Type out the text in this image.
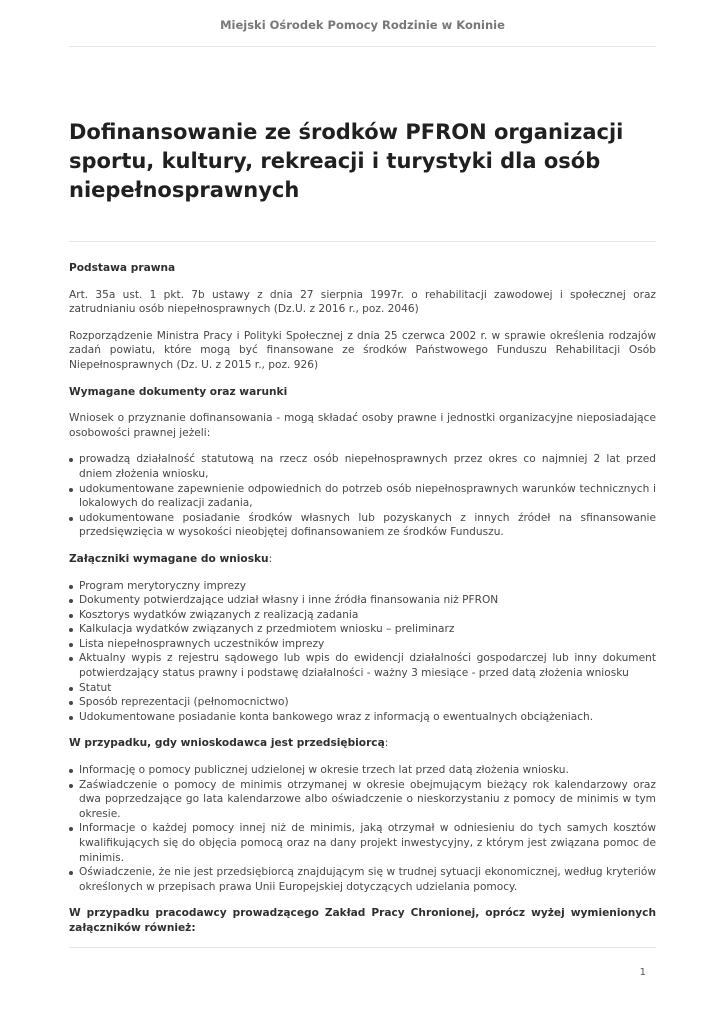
Miejski Ośrodek Pomocy Rodzinie w Koninie
Dofinansowanie ze środków PFRON organizacji sportu, kultury, rekreacji i turystyki dla osób niepełnosprawnych

Podstawa prawna

Art. 35a ust. 1 pkt. 7b ustawy z dnia 27 sierpnia 1997r. o rehabilitacji zawodowej i społecznej oraz zatrudnianiu osób niepełnosprawnych (Dz.U. z 2016 r., poz. 2046)

Rozporządzenie Ministra Pracy i Polityki Społecznej z dnia 25 czerwca 2002 r. w sprawie określenia rodzajów zadań powiatu, które mogą być finansowane ze środków Państwowego Funduszu Rehabilitacji Osób Niepełnosprawnych (Dz. U. z 2015 r., poz. 926)

Wymagane dokumenty oraz warunki

Wniosek o przyznanie dofinansowania - mogą składać osoby prawne i jednostki organizacyjne nieposiadające osobowości prawnej jeżeli:

prowadzą działalność statutową na rzecz osób niepełnosprawnych przez okres co najmniej 2 lat przed dniem złożenia wniosku,
udokumentowane zapewnienie odpowiednich do potrzeb osób niepełnosprawnych warunków technicznych i lokalowych do realizacji zadania,
udokumentowane posiadanie środków własnych lub pozyskanych z innych źródeł na sfinansowanie przedsięwzięcia w wysokości nieobjętej dofinansowaniem ze środków Funduszu.

Załączniki wymagane do wniosku:

Program merytoryczny imprezy
Dokumenty potwierdzające udział własny i inne źródła finansowania niż PFRON
Kosztorys wydatków związanych z realizacją zadania
Kalkulacja wydatków związanych z przedmiotem wniosku – preliminarz
Lista niepełnosprawnych uczestników imprezy
Aktualny wypis z rejestru sądowego lub wpis do ewidencji działalności gospodarczej lub inny dokument potwierdzający status prawny i podstawę działalności - ważny 3 miesiące - przed datą złożenia wniosku
Statut
Sposób reprezentacji (pełnomocnictwo)
Udokumentowane posiadanie konta bankowego wraz z informacją o ewentualnych obciążeniach.

W przypadku, gdy wnioskodawca jest przedsiębiorcą:

Informację o pomocy publicznej udzielonej w okresie trzech lat przed datą złożenia wniosku.
Zaświadczenie o pomocy de minimis otrzymanej w okresie obejmującym bieżący rok kalendarzowy oraz dwa poprzedzające go lata kalendarzowe albo oświadczenie o nieskorzystaniu z pomocy de minimis w tym okresie.
Informacje o każdej pomocy innej niż de minimis, jaką otrzymał w odniesieniu do tych samych kosztów kwalifikujących się do objęcia pomocą oraz na dany projekt inwestycyjny, z którym jest związana pomoc de minimis.
Oświadczenie, że nie jest przedsiębiorcą znajdującym się w trudnej sytuacji ekonomicznej, według kryteriów określonych w przepisach prawa Unii Europejskiej dotyczących udzielania pomocy.

W przypadku pracodawcy prowadzącego Zakład Pracy Chronionej, oprócz wyżej wymienionych załączników również:

1
